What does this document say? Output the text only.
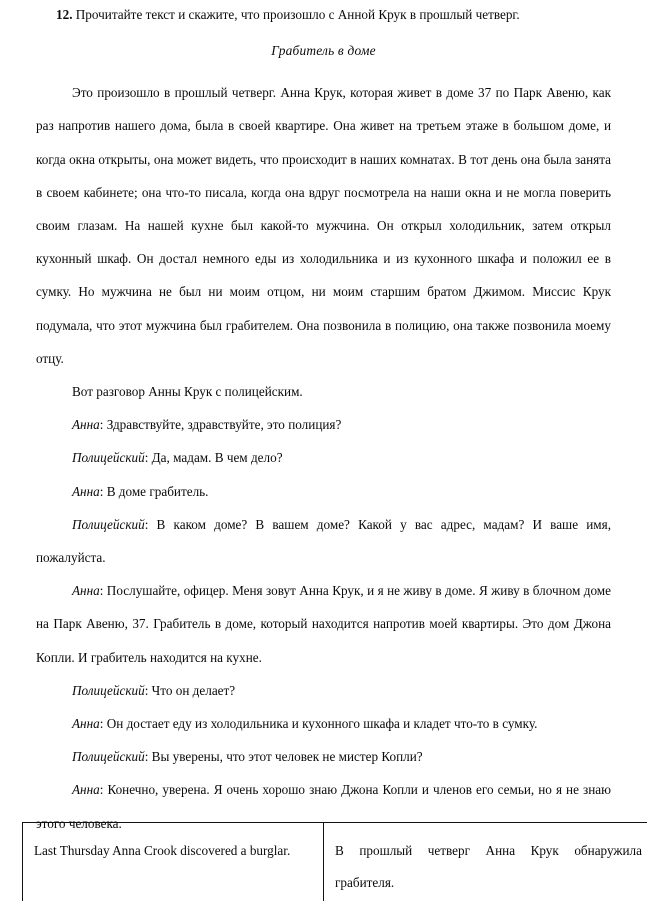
12. Прочитайте текст и скажите, что произошло с Анной Крук в прошлый четверг.

Грабитель в доме

Это произошло в прошлый четверг. Анна Крук, которая живет в доме 37 по Парк Авеню, как раз напротив нашего дома, была в своей квартире. Она живет на третьем этаже в большом доме, и когда окна открыты, она может видеть, что происходит в наших комнатах. В тот день она была занята в своем кабинете; она что-то писала, когда она вдруг посмотрела на наши окна и не могла поверить своим глазам. На нашей кухне был какой-то мужчина. Он открыл холодильник, затем открыл кухонный шкаф. Он достал немного еды из холодильника и из кухонного шкафа и положил ее в сумку. Но мужчина не был ни моим отцом, ни моим старшим братом Джимом. Миссис Крук подумала, что этот мужчина был грабителем. Она позвонила в полицию, она также позвонила моему отцу.

Вот разговор Анны Крук с полицейским.

Анна: Здравствуйте, здравствуйте, это полиция?

Полицейский: Да, мадам. В чем дело?

Анна: В доме грабитель.

Полицейский: В каком доме? В вашем доме? Какой у вас адрес, мадам? И ваше имя, пожалуйста.

Анна: Послушайте, офицер. Меня зовут Анна Крук, и я не живу в доме. Я живу в блочном доме на Парк Авеню, 37. Грабитель в доме, который находится напротив моей квартиры. Это дом Джона Копли. И грабитель находится на кухне.

Полицейский: Что он делает?

Анна: Он достает еду из холодильника и кухонного шкафа и кладет что-то в сумку.

Полицейский: Вы уверены, что этот человек не мистер Копли?

Анна: Конечно, уверена. Я очень хорошо знаю Джона Копли и членов его семьи, но я не знаю этого человека.

Last Thursday Anna Crook discovered a burglar.	В прошлый четверг Анна Крук обнаружила грабителя.
